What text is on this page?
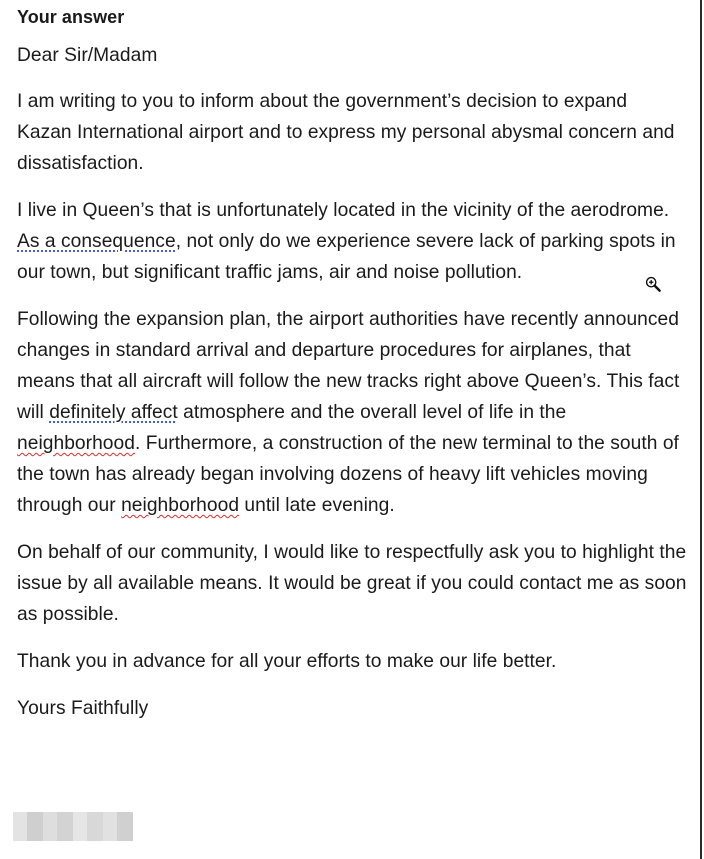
Your answer
Dear Sir/Madam
I am writing to you to inform about the government’s decision to expand Kazan International airport and to express my personal abysmal concern and dissatisfaction.
I live in Queen’s that is unfortunately located in the vicinity of the aerodrome. As a consequence, not only do we experience severe lack of parking spots in our town, but significant traffic jams, air and noise pollution.
Following the expansion plan, the airport authorities have recently announced changes in standard arrival and departure procedures for airplanes, that means that all aircraft will follow the new tracks right above Queen’s. This fact will definitely affect atmosphere and the overall level of life in the neighborhood. Furthermore, a construction of the new terminal to the south of the town has already began involving dozens of heavy lift vehicles moving through our neighborhood until late evening.
On behalf of our community, I would like to respectfully ask you to highlight the issue by all available means. It would be great if you could contact me as soon as possible.
Thank you in advance for all your efforts to make our life better.
Yours Faithfully
